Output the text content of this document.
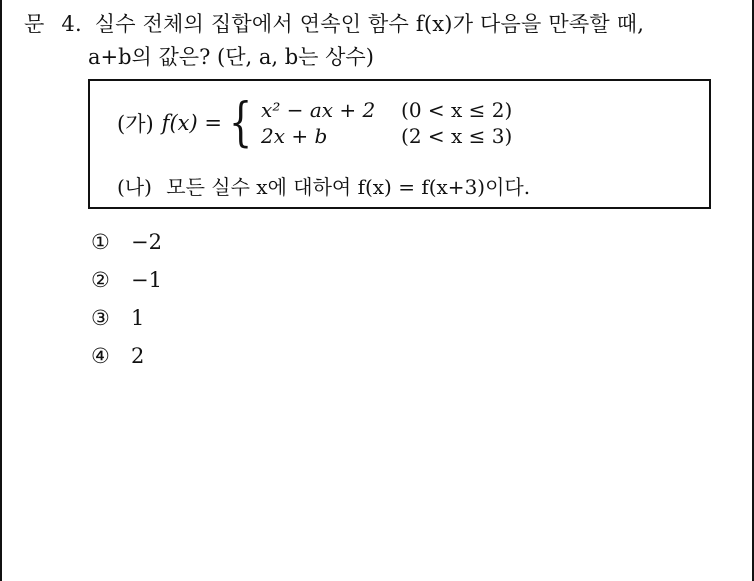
문 4. 실수 전체의 집합에서 연속인 함수 f(x)가 다음을 만족할 때,
a+b의 값은? (단, a, b는 상수)
(가) f(x) = { x² − ax + 2	(0 < x ≤ 2)
2x + b	(2 < x ≤ 3)
(나) 모든 실수 x에 대하여 f(x) = f(x+3)이다.
①	−2
②	−1
③	1
④	2
